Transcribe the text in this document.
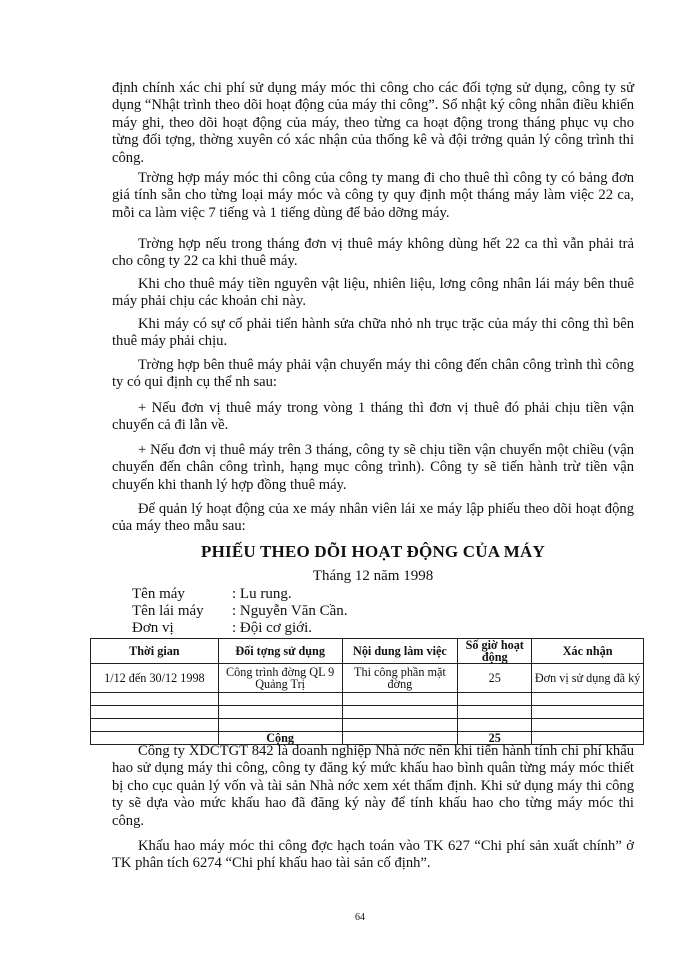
định chính xác chi phí sử dụng máy móc thi công cho các đối tợng sử dụng, công ty sử dụng “Nhật trình theo dõi hoạt động của máy thi công”. Sổ nhật ký công nhân điều khiển máy ghi, theo dõi hoạt động của máy, theo từng ca hoạt động trong tháng phục vụ cho từng đối tợng, thờng xuyên có xác nhận của thống kê và đội trởng quản lý công trình thi công.

Trờng hợp máy móc thi công của công ty mang đi cho thuê thì công ty có bảng đơn giá tính sẵn cho từng loại máy móc và công ty quy định một tháng máy làm việc 22 ca, mỗi ca làm việc 7 tiếng và 1 tiếng dùng để bảo dỡng máy.

Trờng hợp nếu trong tháng đơn vị thuê máy không dùng hết 22 ca thì vẫn phải trả cho công ty 22 ca khi thuê máy.

Khi cho thuê máy tiền nguyên vật liệu, nhiên liệu, lơng công nhân lái máy bên thuê máy phải chịu các khoản chi này.

Khi máy có sự cố phải tiến hành sửa chữa nhỏ nh trục trặc của máy thi công thì bên thuê máy phải chịu.

Trờng hợp bên thuê máy phải vận chuyển máy thi công đến chân công trình thì công ty có qui định cụ thể nh sau:

+ Nếu đơn vị thuê máy trong vòng 1 tháng thì đơn vị thuê đó phải chịu tiền vận chuyển cả đi lẫn về.

+ Nếu đơn vị thuê máy trên 3 tháng, công ty sẽ chịu tiền vận chuyển một chiều (vận chuyển đến chân công trình, hạng mục công trình). Công ty sẽ tiến hành trừ tiền vận chuyển khi thanh lý hợp đồng thuê máy.

Để quản lý hoạt động của xe máy nhân viên lái xe máy lập phiếu theo dõi hoạt động của máy theo mẫu sau:

PHIẾU THEO DÕI HOẠT ĐỘNG CỦA MÁY

Tháng 12 năm 1998

Tên máy	: Lu rung.

Tên lái máy : Nguyễn Văn Cần.

Đơn vị	: Đội cơ giới.

Thời gian	Đối tợng sử dụng	Nội dung làm việc	Số giờ hoạt động	Xác nhận
1/12 đến 30/12 1998	Công trình đờng QL 9 Quảng Trị	Thi công phần mặt đờng	25	Đơn vị sử dụng đã ký

	Cộng		25	

Công ty XDCTGT 842 là doanh nghiệp Nhà nớc nên khi tiến hành tính chi phí khấu hao sử dụng máy thi công, công ty đăng ký mức khấu hao bình quân từng máy móc thiết bị cho cục quản lý vốn và tài sản Nhà nớc xem xét thẩm định. Khi sử dụng máy thi công ty sẽ dựa vào mức khấu hao đã đăng ký này để tính khấu hao cho từng máy móc thi công.

Khấu hao máy móc thi công đợc hạch toán vào TK 627 “Chi phí sản xuất chính” ở TK phân tích 6274 “Chi phí khấu hao tài sản cố định”.

64
